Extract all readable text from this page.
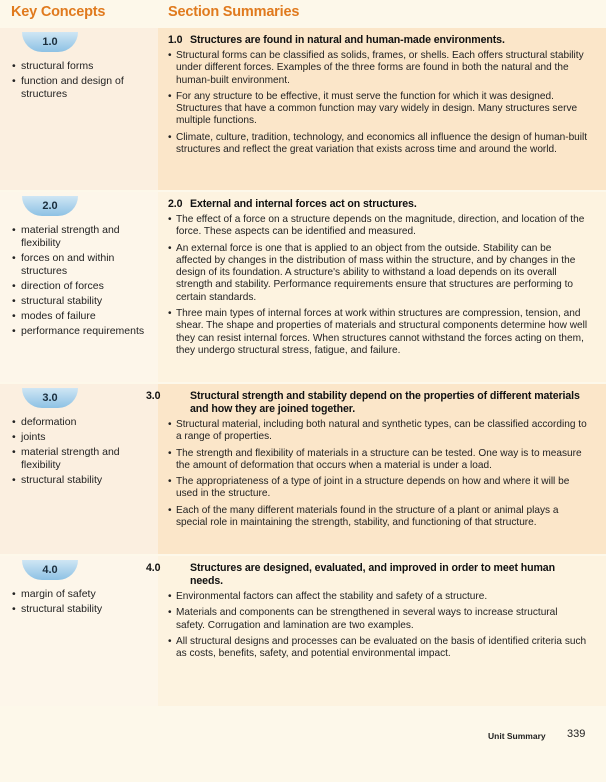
Key Concepts	Section Summaries
1.0
• structural forms
• function and design of structures
1.0 Structures are found in natural and human-made environments.
• Structural forms can be classified as solids, frames, or shells. Each offers structural stability under different forces. Examples of the three forms are found in both the natural and the human-built environment.
• For any structure to be effective, it must serve the function for which it was designed. Structures that have a common function may vary widely in design. Many structures serve multiple functions.
• Climate, culture, tradition, technology, and economics all influence the design of human-built structures and reflect the great variation that exists across time and around the world.
2.0
• material strength and flexibility
• forces on and within structures
• direction of forces
• structural stability
• modes of failure
• performance requirements
2.0 External and internal forces act on structures.
• The effect of a force on a structure depends on the magnitude, direction, and location of the force. These aspects can be identified and measured.
• An external force is one that is applied to an object from the outside. Stability can be affected by changes in the distribution of mass within the structure, and by changes in the design of its foundation. A structure's ability to withstand a load depends on its overall strength and stability. Performance requirements ensure that structures are performing to certain standards.
• Three main types of internal forces at work within structures are compression, tension, and shear. The shape and properties of materials and structural components determine how well they can resist internal forces. When structures cannot withstand the forces acting on them, they undergo structural stress, fatigue, and failure.
3.0
• deformation
• joints
• material strength and flexibility
• structural stability
3.0	Structural strength and stability depend on the properties of different materials and how they are joined together.
• Structural material, including both natural and synthetic types, can be classified according to a range of properties.
• The strength and flexibility of materials in a structure can be tested. One way is to measure the amount of deformation that occurs when a material is under a load.
• The appropriateness of a type of joint in a structure depends on how and where it will be used in the structure.
• Each of the many different materials found in the structure of a plant or animal plays a special role in maintaining the strength, stability, and functioning of that structure.
4.0
• margin of safety
• structural stability
4.0	Structures are designed, evaluated, and improved in order to meet human needs.
• Environmental factors can affect the stability and safety of a structure.
• Materials and components can be strengthened in several ways to increase structural safety. Corrugation and lamination are two examples.
• All structural designs and processes can be evaluated on the basis of identified criteria such as costs, benefits, safety, and potential environmental impact.
Unit Summary 339
